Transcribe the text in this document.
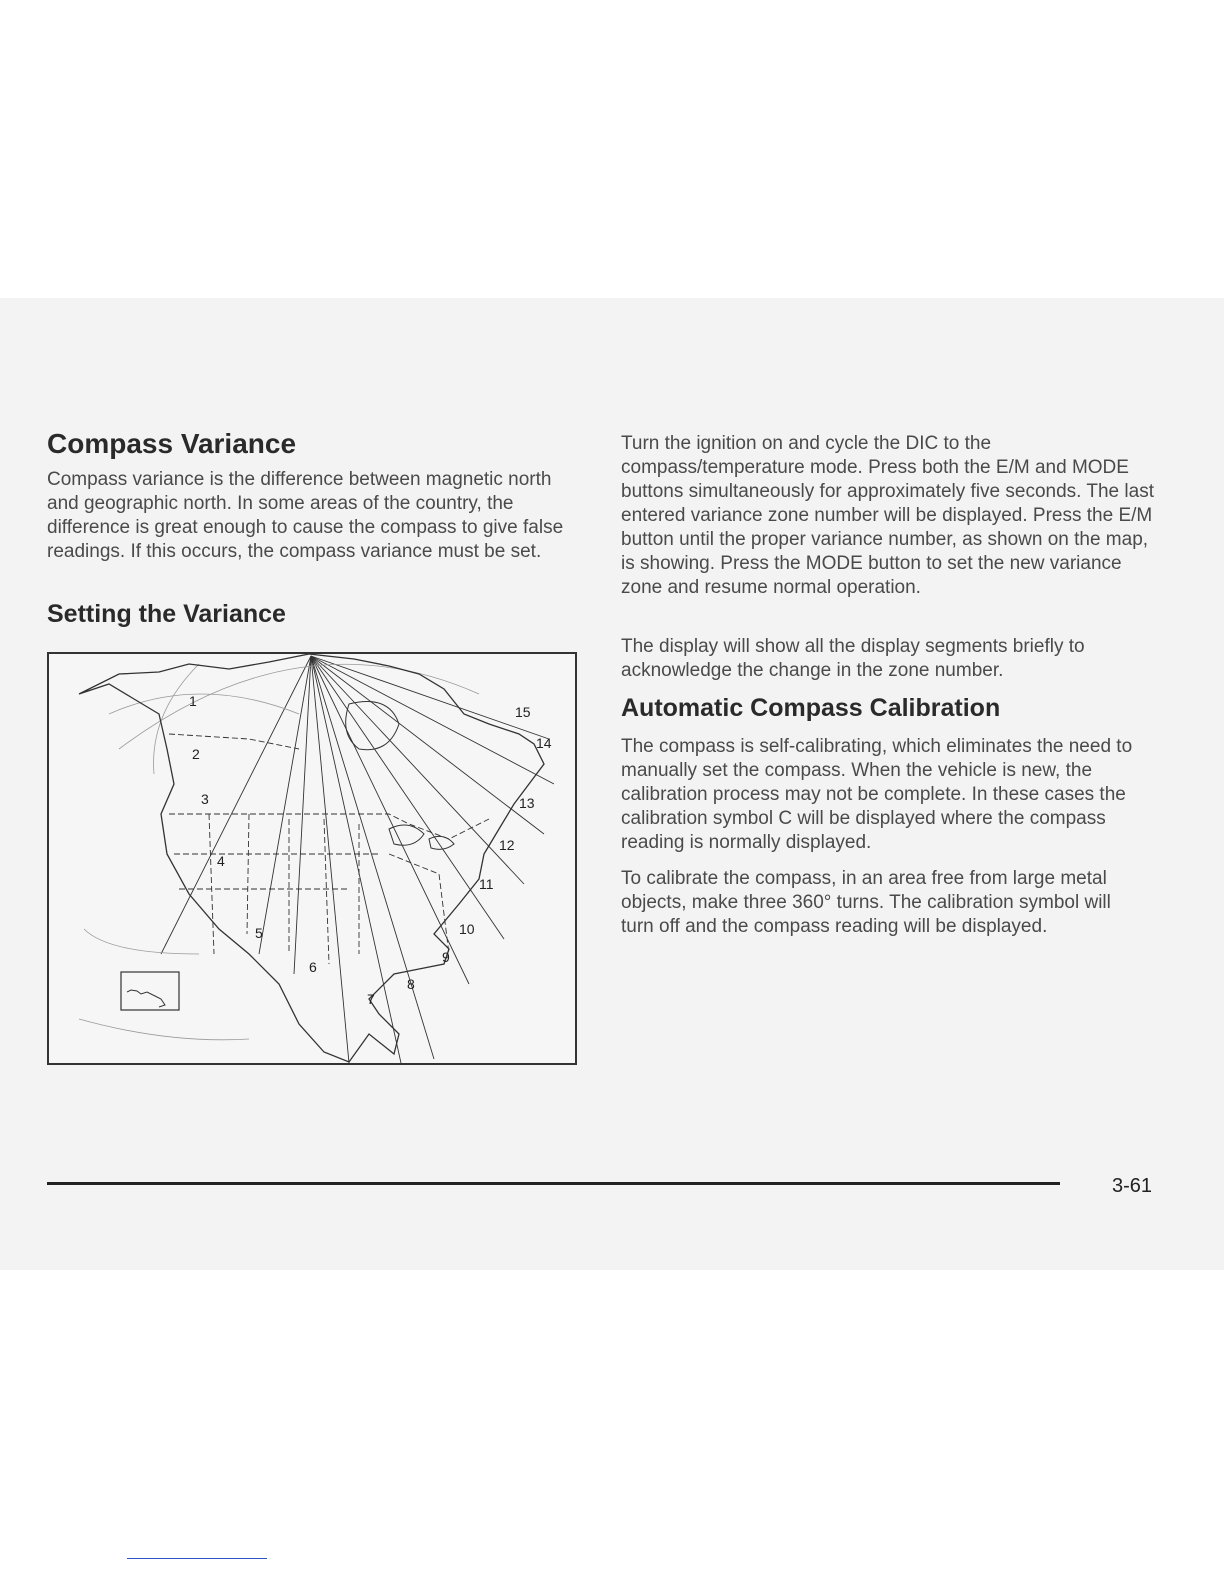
Compass Variance

Compass variance is the difference between magnetic north and geographic north. In some areas of the country, the difference is great enough to cause the compass to give false readings. If this occurs, the compass variance must be set.

Setting the Variance
1
2
3
4
5
6
7
8
9
10
11
12
13
14
15

Turn the ignition on and cycle the DIC to the compass/temperature mode. Press both the E/M and MODE buttons simultaneously for approximately five seconds. The last entered variance zone number will be displayed. Press the E/M button until the proper variance number, as shown on the map, is showing. Press the MODE button to set the new variance zone and resume normal operation.

The display will show all the display segments briefly to acknowledge the change in the zone number.

Automatic Compass Calibration

The compass is self-calibrating, which eliminates the need to manually set the compass. When the vehicle is new, the calibration process may not be complete. In these cases the calibration symbol C will be displayed where the compass reading is normally displayed.

To calibrate the compass, in an area free from large metal objects, make three 360° turns. The calibration symbol will turn off and the compass reading will be displayed.

3-61
